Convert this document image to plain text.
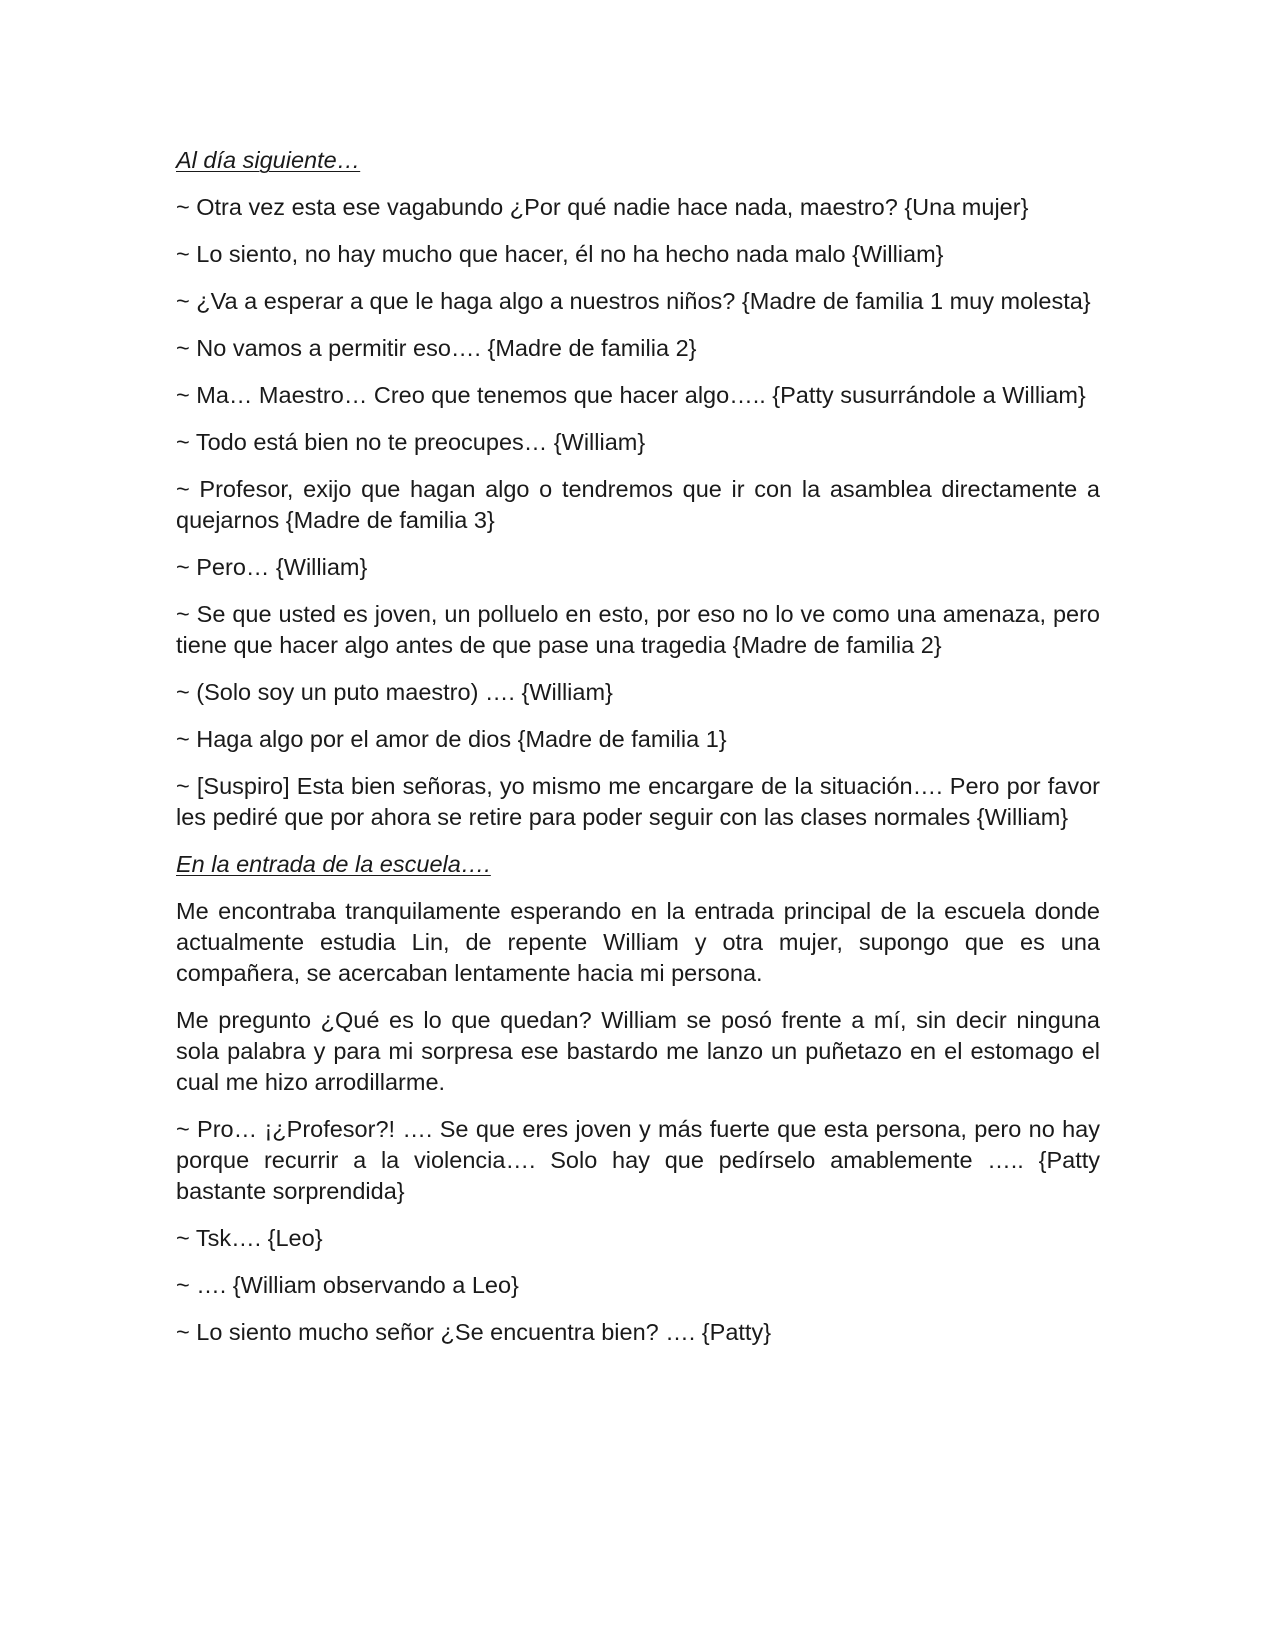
Al día siguiente…

~ Otra vez esta ese vagabundo ¿Por qué nadie hace nada, maestro? {Una mujer}

~ Lo siento, no hay mucho que hacer, él no ha hecho nada malo {William}

~ ¿Va a esperar a que le haga algo a nuestros niños? {Madre de familia 1 muy molesta}

~ No vamos a permitir eso…. {Madre de familia 2}

~ Ma… Maestro… Creo que tenemos que hacer algo….. {Patty susurrándole a William}

~ Todo está bien no te preocupes… {William}

~ Profesor, exijo que hagan algo o tendremos que ir con la asamblea directamente a quejarnos {Madre de familia 3}

~ Pero… {William}

~ Se que usted es joven, un polluelo en esto, por eso no lo ve como una amenaza, pero tiene que hacer algo antes de que pase una tragedia {Madre de familia 2}

~ (Solo soy un puto maestro) …. {William}

~ Haga algo por el amor de dios {Madre de familia 1}

~ [Suspiro] Esta bien señoras, yo mismo me encargare de la situación…. Pero por favor les pediré que por ahora se retire para poder seguir con las clases normales {William}

En la entrada de la escuela….

Me encontraba tranquilamente esperando en la entrada principal de la escuela donde actualmente estudia Lin, de repente William y otra mujer, supongo que es una compañera, se acercaban lentamente hacia mi persona.

Me pregunto ¿Qué es lo que quedan? William se posó frente a mí, sin decir ninguna sola palabra y para mi sorpresa ese bastardo me lanzo un puñetazo en el estomago el cual me hizo arrodillarme.

~ Pro… ¡¿Profesor?! …. Se que eres joven y más fuerte que esta persona, pero no hay porque recurrir a la violencia…. Solo hay que pedírselo amablemente ….. {Patty bastante sorprendida}

~ Tsk…. {Leo}

~ …. {William observando a Leo}

~ Lo siento mucho señor ¿Se encuentra bien? …. {Patty}
